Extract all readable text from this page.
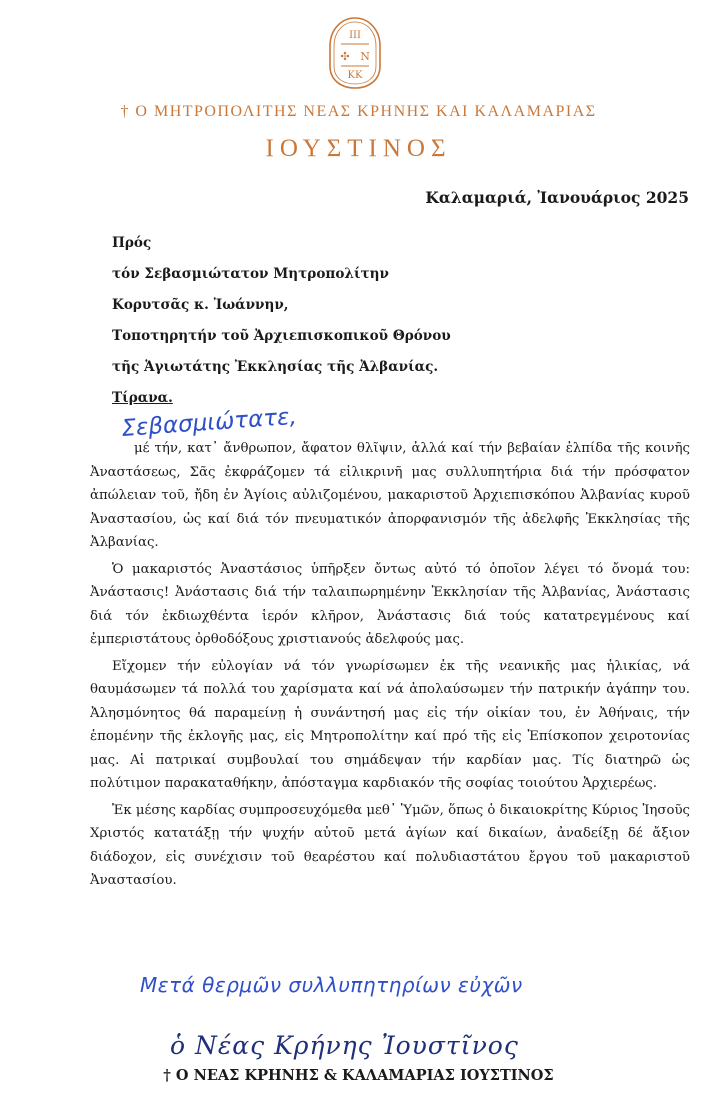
ΙΙΙ
✣ Ν
ΚΚ
† Ο ΜΗΤΡΟΠΟΛΙΤΗΣ ΝΕΑΣ ΚΡΗΝΗΣ ΚΑΙ ΚΑΛΑΜΑΡΙΑΣ
ΙΟΥΣΤΙΝΟΣ
Καλαμαριά, Ἰανουάριος 2025
Πρός
τόν Σεβασμιώτατον Μητροπολίτην
Κορυτσᾶς κ. Ἰωάννην,
Τοποτηρητήν τοῦ Ἀρχιεπισκοπικοῦ Θρόνου
τῆς Ἁγιωτάτης Ἐκκλησίας τῆς Ἀλβανίας.
Τίρανα.
Σεβασμιώτατε,

μέ τήν, κατ᾿ ἄνθρωπον, ἄφατον θλῖψιν, ἀλλά καί τήν βεβαίαν ἐλπίδα τῆς κοινῆς Ἀναστάσεως, Σᾶς ἐκφράζομεν τά εἰλικρινῆ μας συλλυπητήρια διά τήν πρόσφατον ἀπώλειαν τοῦ, ἤδη ἐν Ἁγίοις αὐλιζομένου, μακαριστοῦ Ἀρχιεπισκόπου Ἀλβανίας κυροῦ Ἀναστασίου, ὡς καί διά τόν πνευματικόν ἀπορφανισμόν τῆς ἀδελφῆς Ἐκκλησίας τῆς Ἀλβανίας.

Ὁ μακαριστός Ἀναστάσιος ὑπῆρξεν ὄντως αὐτό τό ὁποῖον λέγει τό ὄνομά του: Ἀνάστασις! Ἀνάστασις διά τήν ταλαιπωρημένην Ἐκκλησίαν τῆς Ἀλβανίας, Ἀνάστασις διά τόν ἐκδιωχθέντα ἱερόν κλῆρον, Ἀνάστασις διά τούς κατατρεγμένους καί ἐμπεριστάτους ὀρθοδόξους χριστιανούς ἀδελφούς μας.

Εἴχομεν τήν εὐλογίαν νά τόν γνωρίσωμεν ἐκ τῆς νεανικῆς μας ἡλικίας, νά θαυμάσωμεν τά πολλά του χαρίσματα καί νά ἀπολαύσωμεν τήν πατρικήν ἀγάπην του. Ἀλησμόνητος θά παραμείνῃ ἡ συνάντησή μας εἰς τήν οἰκίαν του, ἐν Ἀθήναις, τήν ἑπομένην τῆς ἐκλογῆς μας, εἰς Μητροπολίτην καί πρό τῆς εἰς Ἐπίσκοπον χειροτονίας μας. Αἱ πατρικαί συμβουλαί του σημάδεψαν τήν καρδίαν μας. Τίς διατηρῶ ὡς πολύτιμον παρακαταθήκην, ἀπόσταγμα καρδιακόν τῆς σοφίας τοιούτου Ἀρχιερέως.

Ἐκ μέσης καρδίας συμπροσευχόμεθα μεθ᾿ Ὑμῶν, ὅπως ὁ δικαιοκρίτης Κύριος Ἰησοῦς Χριστός κατατάξῃ τήν ψυχήν αὐτοῦ μετά ἁγίων καί δικαίων, ἀναδείξῃ δέ ἄξιον διάδοχον, εἰς συνέχισιν τοῦ θεαρέστου καί πολυδιαστάτου ἔργου τοῦ μακαριστοῦ Ἀναστασίου.

Μετά θερμῶν συλλυπητηρίων εὐχῶν
ὁ Νέας Κρήνης Ἰουστῖνος
† Ο ΝΕΑΣ ΚΡΗΝΗΣ & ΚΑΛΑΜΑΡΙΑΣ ΙΟΥΣΤΙΝΟΣ
